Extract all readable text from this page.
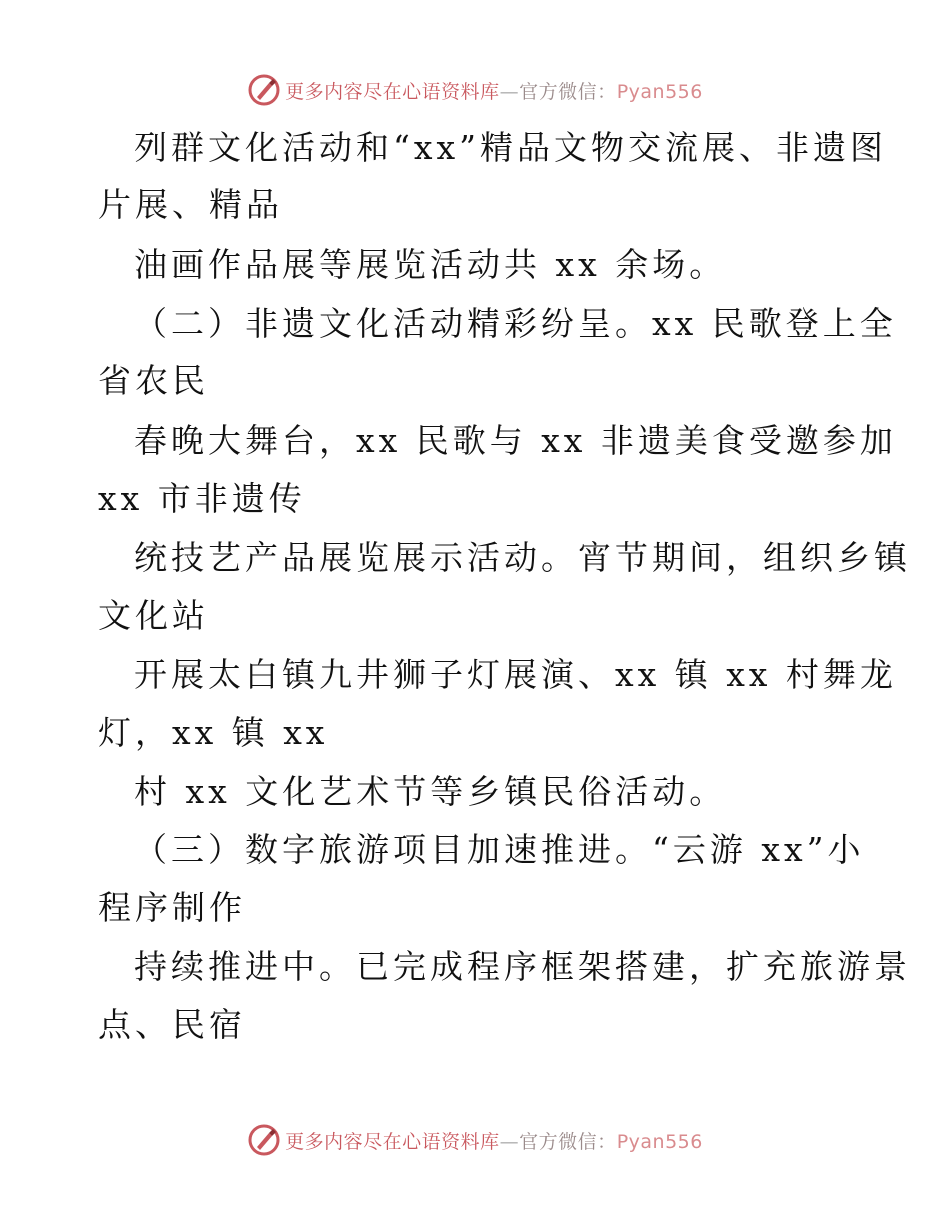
更多内容尽在心语资料库—官方微信：Pyan556
列群文化活动和“xx”精品文物交流展、非遗图
片展、精品
油画作品展等展览活动共 xx 余场。
（二）非遗文化活动精彩纷呈。xx 民歌登上全
省农民
春晚大舞台，xx 民歌与 xx 非遗美食受邀参加
xx 市非遗传
统技艺产品展览展示活动。宵节期间，组织乡镇
文化站
开展太白镇九井狮子灯展演、xx 镇 xx 村舞龙
灯，xx 镇 xx
村 xx 文化艺术节等乡镇民俗活动。
（三）数字旅游项目加速推进。“云游 xx”小
程序制作
持续推进中。已完成程序框架搭建，扩充旅游景
点、民宿
更多内容尽在心语资料库—官方微信：Pyan556
